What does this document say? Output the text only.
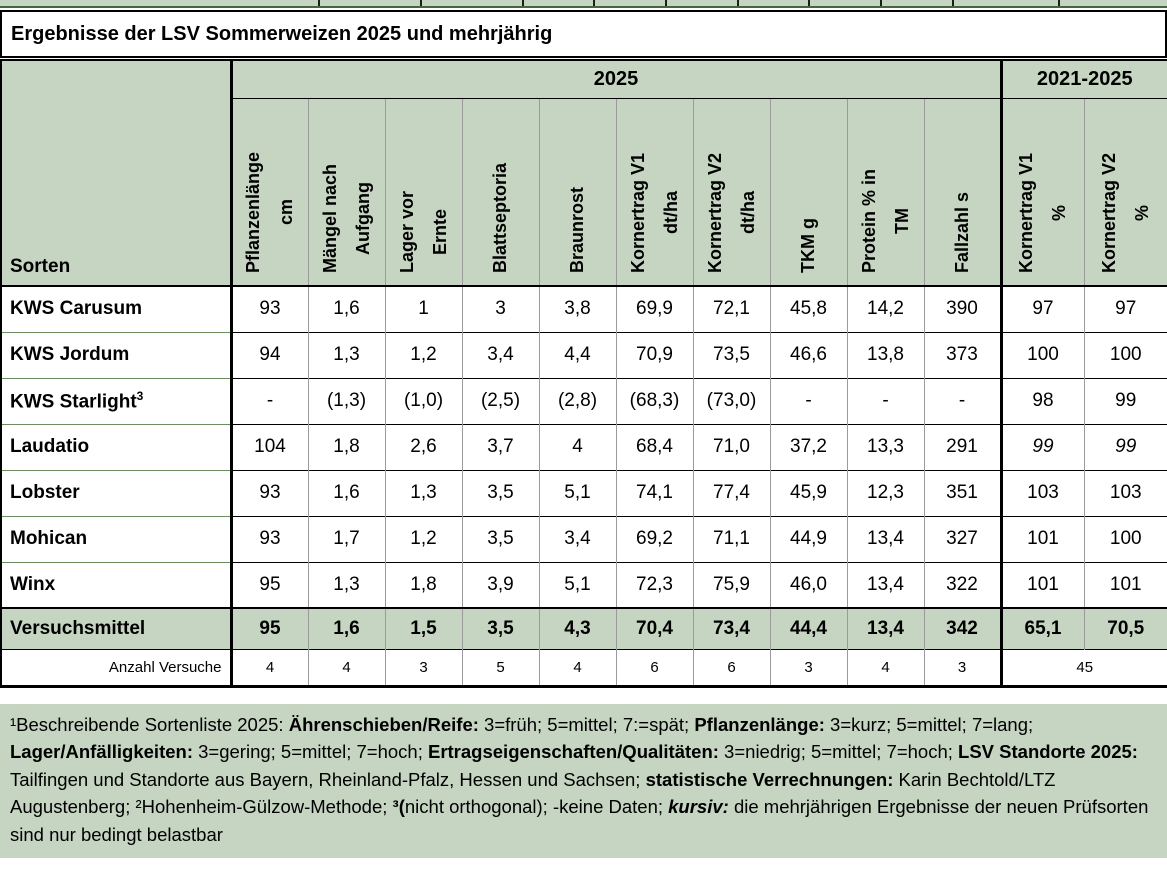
Ergebnisse der LSV Sommerweizen 2025 und mehrjährig
Sorten	2025										2021-2025	

	Pflanzenlänge cm	Mängel nach Aufgang	Lager vor Ernte	Blattseptoria	Braunrost	Kornertrag V1 dt/ha	Kornertrag V2 dt/ha	TKM g	Protein % in TM	Fallzahl s	Kornertrag V1 %	Kornertrag V2 %

KWS Carusum	93	1,6	1	3	3,8	69,9	72,1	45,8	14,2	390	97	97
KWS Jordum	94	1,3	1,2	3,4	4,4	70,9	73,5	46,6	13,8	373	100	100
KWS Starlight$^3$	-	(1,3)	(1,0)	(2,5)	(2,8)	(68,3)	(73,0)	-	-	-	98	99
Laudatio	104	1,8	2,6	3,7	4	68,4	71,0	37,2	13,3	291	99	99
Lobster	93	1,6	1,3	3,5	5,1	74,1	77,4	45,9	12,3	351	103	103
Mohican	93	1,7	1,2	3,5	3,4	69,2	71,1	44,9	13,4	327	101	100
Winx	95	1,3	1,8	3,9	5,1	72,3	75,9	46,0	13,4	322	101	101
Versuchsmittel	95	1,6	1,5	3,5	4,3	70,4	73,4	44,4	13,4	342	65,1	70,5
Anzahl Versuche	4	4	3	5	4	6	6	3	4	3	45	
¹Beschreibende Sortenliste 2025: Ährenschieben/Reife: 3=früh; 5=mittel; 7:=spät; Pflanzenlänge: 3=kurz; 5=mittel; 7=lang; Lager/Anfälligkeiten: 3=gering; 5=mittel; 7=hoch; Ertragseigenschaften/Qualitäten: 3=niedrig; 5=mittel; 7=hoch; LSV Standorte 2025: Tailfingen und Standorte aus Bayern, Rheinland-Pfalz, Hessen und Sachsen; statistische Verrechnungen: Karin Bechtold/LTZ Augustenberg; ²Hohenheim-Gülzow-Methode; ³(nicht orthogonal); -keine Daten; kursiv: die mehrjährigen Ergebnisse der neuen Prüfsorten sind nur bedingt belastbar
